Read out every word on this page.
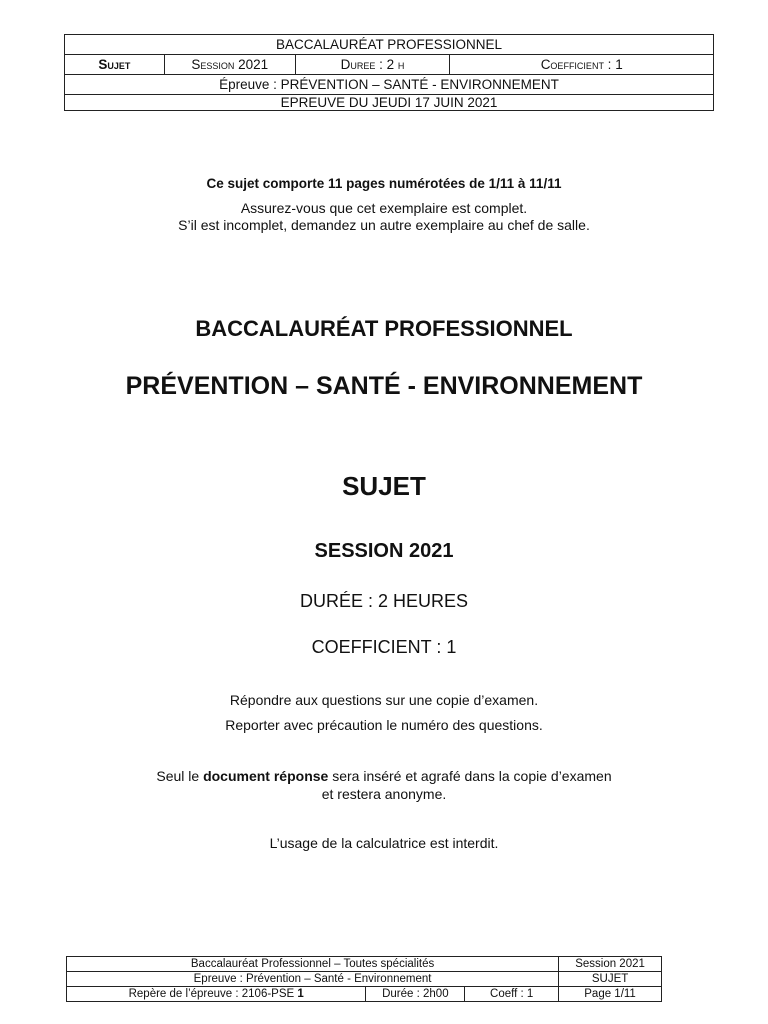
BACCALAURÉAT PROFESSIONNEL
Sujet	Session 2021	Duree : 2 h	Coefficient : 1
Épreuve : PRÉVENTION – SANTÉ - ENVIRONNEMENT
EPREUVE DU JEUDI 17 JUIN 2021
Ce sujet comporte 11 pages numérotées de 1/11 à 11/11
Assurez-vous que cet exemplaire est complet.
S’il est incomplet, demandez un autre exemplaire au chef de salle.
BACCALAURÉAT PROFESSIONNEL
PRÉVENTION – SANTÉ - ENVIRONNEMENT
SUJET
SESSION 2021
DURÉE : 2 HEURES
COEFFICIENT : 1
Répondre aux questions sur une copie d’examen.
Reporter avec précaution le numéro des questions.
Seul le document réponse sera inséré et agrafé dans la copie d’examen
et restera anonyme.
L’usage de la calculatrice est interdit.
Baccalauréat Professionnel – Toutes spécialités			Session 2021
Epreuve : Prévention – Santé - Environnement			SUJET
Repère de l’épreuve : 2106-PSE 1	Durée : 2h00	Coeff : 1	Page 1/11
